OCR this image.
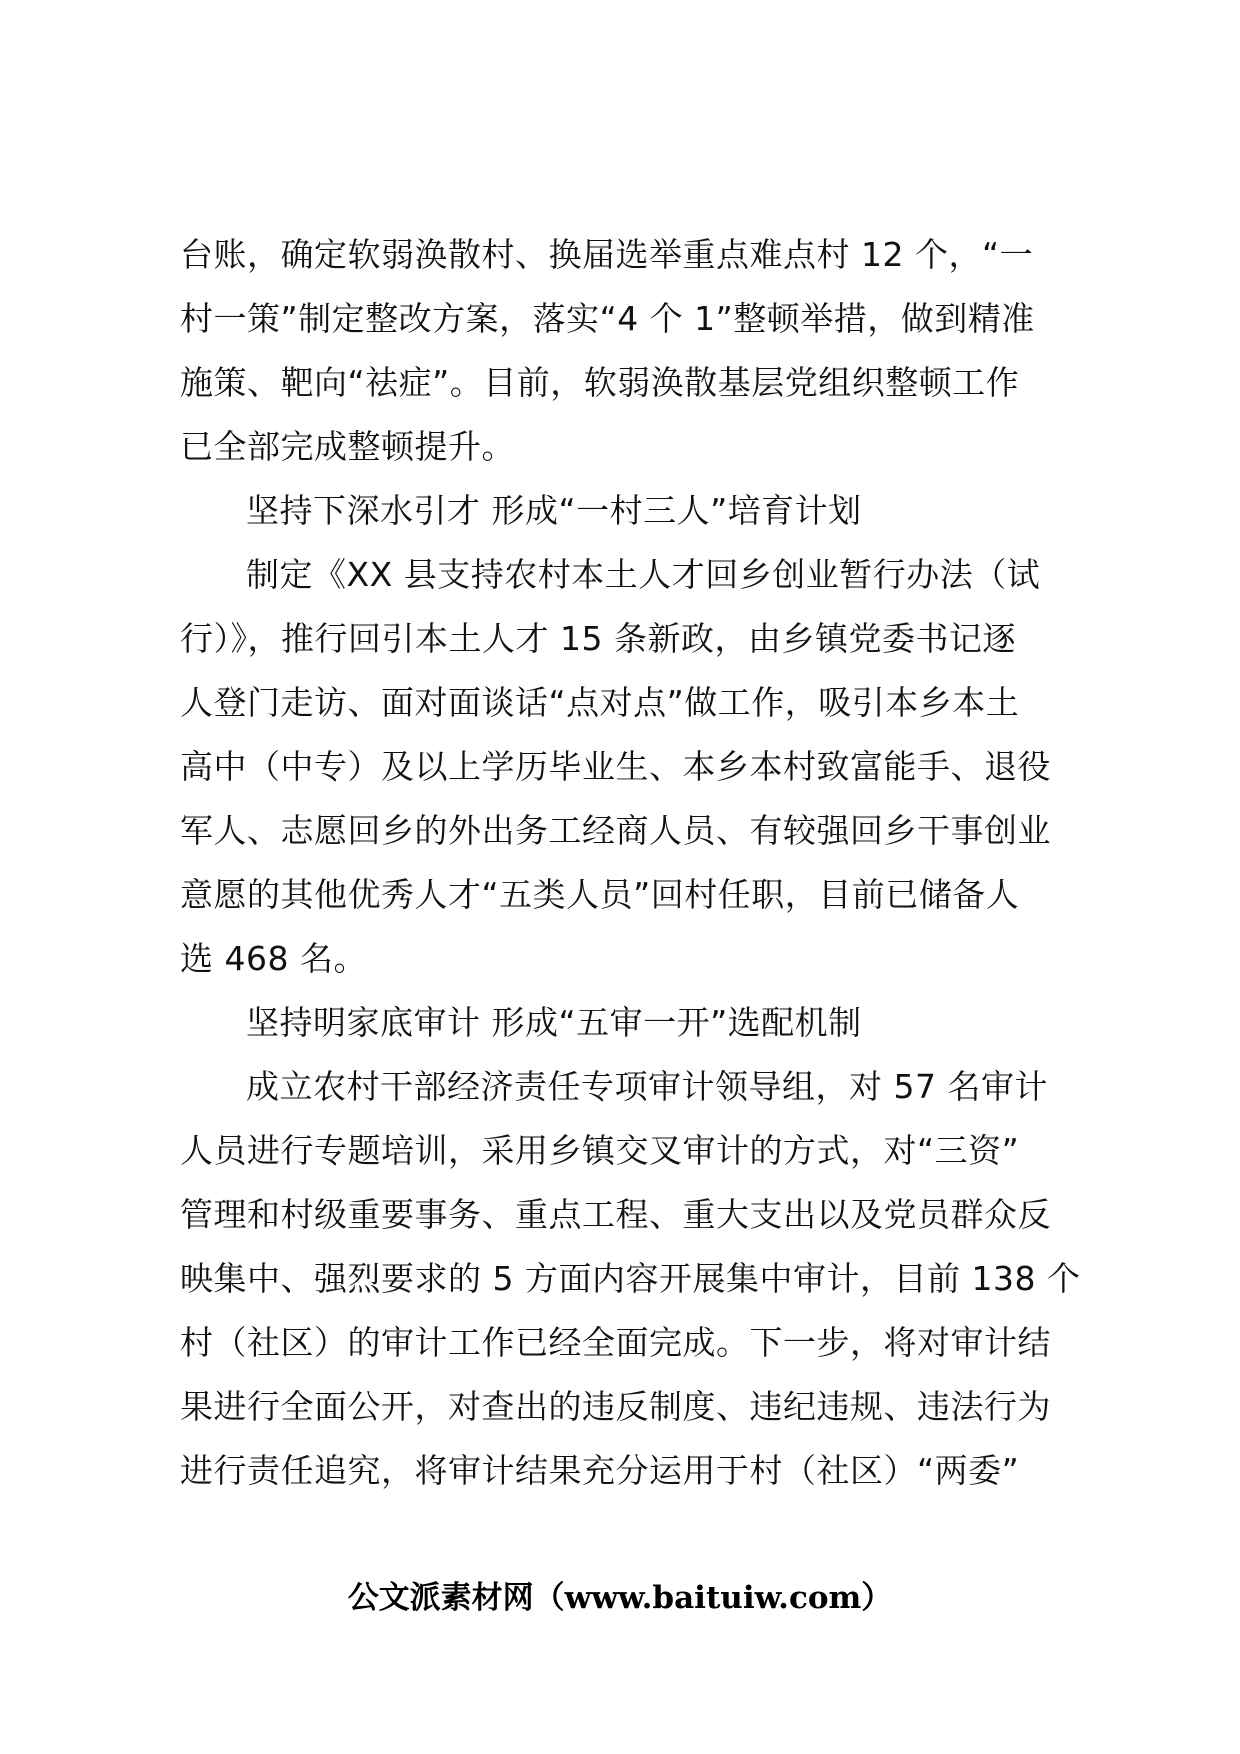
台账，确定软弱涣散村、换届选举重点难点村 12 个，“一
村一策”制定整改方案，落实“4 个 1”整顿举措，做到精准
施策、靶向“祛症”。目前，软弱涣散基层党组织整顿工作
已全部完成整顿提升。
坚持下深水引才 形成“一村三人”培育计划
制定《XX 县支持农村本土人才回乡创业暂行办法（试
行）》，推行回引本土人才 15 条新政，由乡镇党委书记逐
人登门走访、面对面谈话“点对点”做工作，吸引本乡本土
高中（中专）及以上学历毕业生、本乡本村致富能手、退役
军人、志愿回乡的外出务工经商人员、有较强回乡干事创业
意愿的其他优秀人才“五类人员”回村任职，目前已储备人
选 468 名。
坚持明家底审计 形成“五审一开”选配机制
成立农村干部经济责任专项审计领导组，对 57 名审计
人员进行专题培训，采用乡镇交叉审计的方式，对“三资”
管理和村级重要事务、重点工程、重大支出以及党员群众反
映集中、强烈要求的 5 方面内容开展集中审计，目前 138 个
村（社区）的审计工作已经全面完成。下一步，将对审计结
果进行全面公开，对查出的违反制度、违纪违规、违法行为
进行责任追究，将审计结果充分运用于村（社区）“两委”
公文派素材网（www.baituiw.com）
